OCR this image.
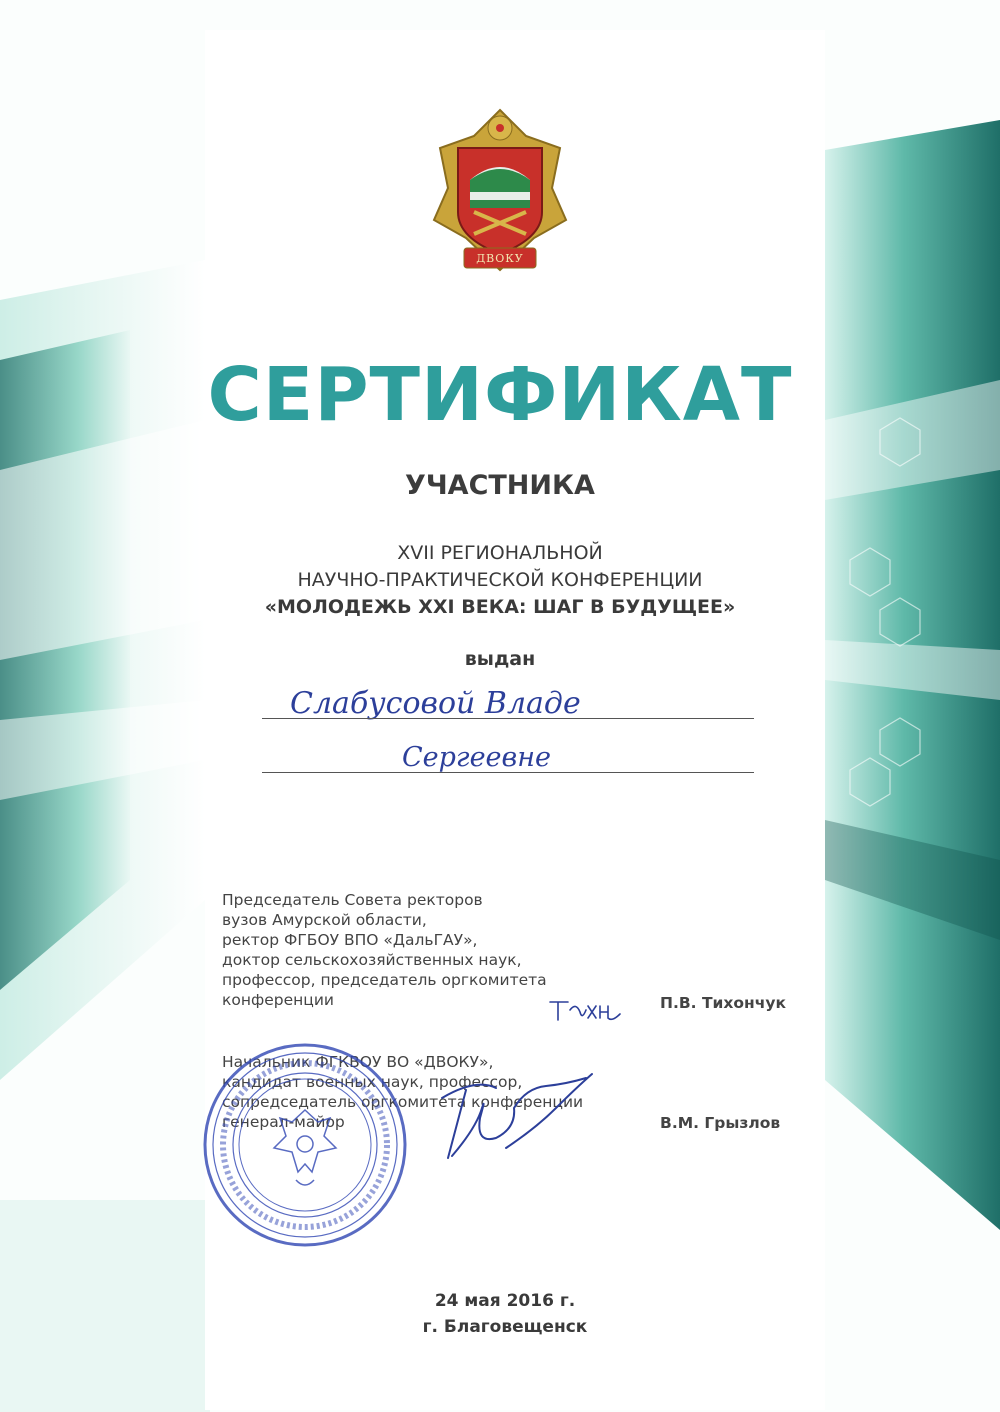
ДВОКУ
СЕРТИФИКАТ
УЧАСТНИКА
XVII РЕГИОНАЛЬНОЙ
НАУЧНО-ПРАКТИЧЕСКОЙ КОНФЕРЕНЦИИ
«МОЛОДЕЖЬ XXI ВЕКА: ШАГ В БУДУЩЕЕ»
выдан
Слабусовой Владе
Сергеевне
Председатель Совета ректоров
вузов Амурской области,
ректор ФГБОУ ВПО «ДальГАУ»,
доктор сельскохозяйственных наук,
профессор, председатель оргкомитета
конференции	П.В. Тихончук
Начальник ФГКВОУ ВО «ДВОКУ»,
кандидат военных наук, профессор,
сопредседатель оргкомитета конференции
генерал-майор	В.М. Грызлов
24 мая 2016 г.
г. Благовещенск
